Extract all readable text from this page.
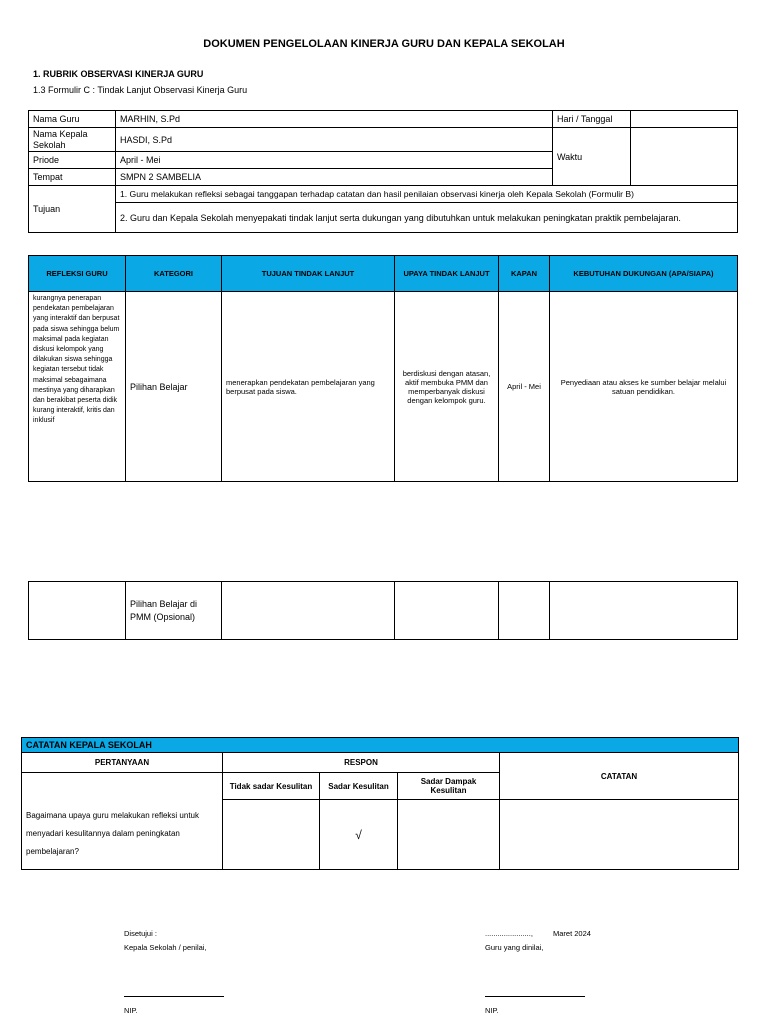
DOKUMEN PENGELOLAAN KINERJA GURU DAN KEPALA SEKOLAH
1. RUBRIK OBSERVASI KINERJA GURU
1.3 Formulir C : Tindak Lanjut Observasi Kinerja Guru
Nama Guru	MARHIN, S.Pd	Hari / Tanggal	
Nama Kepala Sekolah	HASDI, S.Pd	Waktu	
Priode	April - Mei		
Tempat	SMPN 2 SAMBELIA		
Tujuan	1. Guru melakukan refleksi sebagai tanggapan terhadap catatan dan hasil penilaian observasi kinerja oleh Kepala Sekolah (Formulir B)		
	2. Guru dan Kepala Sekolah menyepakati tindak lanjut serta dukungan yang dibutuhkan untuk melakukan peningkatan praktik pembelajaran.		
REFLEKSI GURU	KATEGORI	TUJUAN TINDAK LANJUT	UPAYA TINDAK LANJUT	KAPAN	KEBUTUHAN DUKUNGAN (APA/SIAPA)
kurangnya penerapan pendekatan pembelajaran yang interaktif dan berpusat pada siswa sehingga belum maksimal pada kegiatan diskusi kelompok yang dilakukan siswa sehingga kegiatan tersebut tidak maksimal sebagaimana mestinya yang diharapkan dan berakibat peserta didik kurang interaktif, kritis dan inklusif	Pilihan Belajar	menerapkan pendekatan pembelajaran yang berpusat pada siswa.	berdiskusi dengan atasan, aktif membuka PMM dan memperbanyak diskusi dengan kelompok guru.	April - Mei	Penyediaan atau akses ke sumber belajar melalui satuan pendidikan.
	Pilihan Belajar di PMM (Opsional)				
CATATAN KEPALA SEKOLAH				
PERTANYAAN	RESPON			CATATAN
	Tidak sadar Kesulitan	Sadar Kesulitan	Sadar Dampak Kesulitan	
Bagaimana upaya guru melakukan refleksi untuk menyadari kesulitannya dalam peningkatan pembelajaran?		√		
Disetujui :
Kepala Sekolah / penilai,
NIP.
......................,	Maret 2024
Guru yang dinilai,
NIP.
